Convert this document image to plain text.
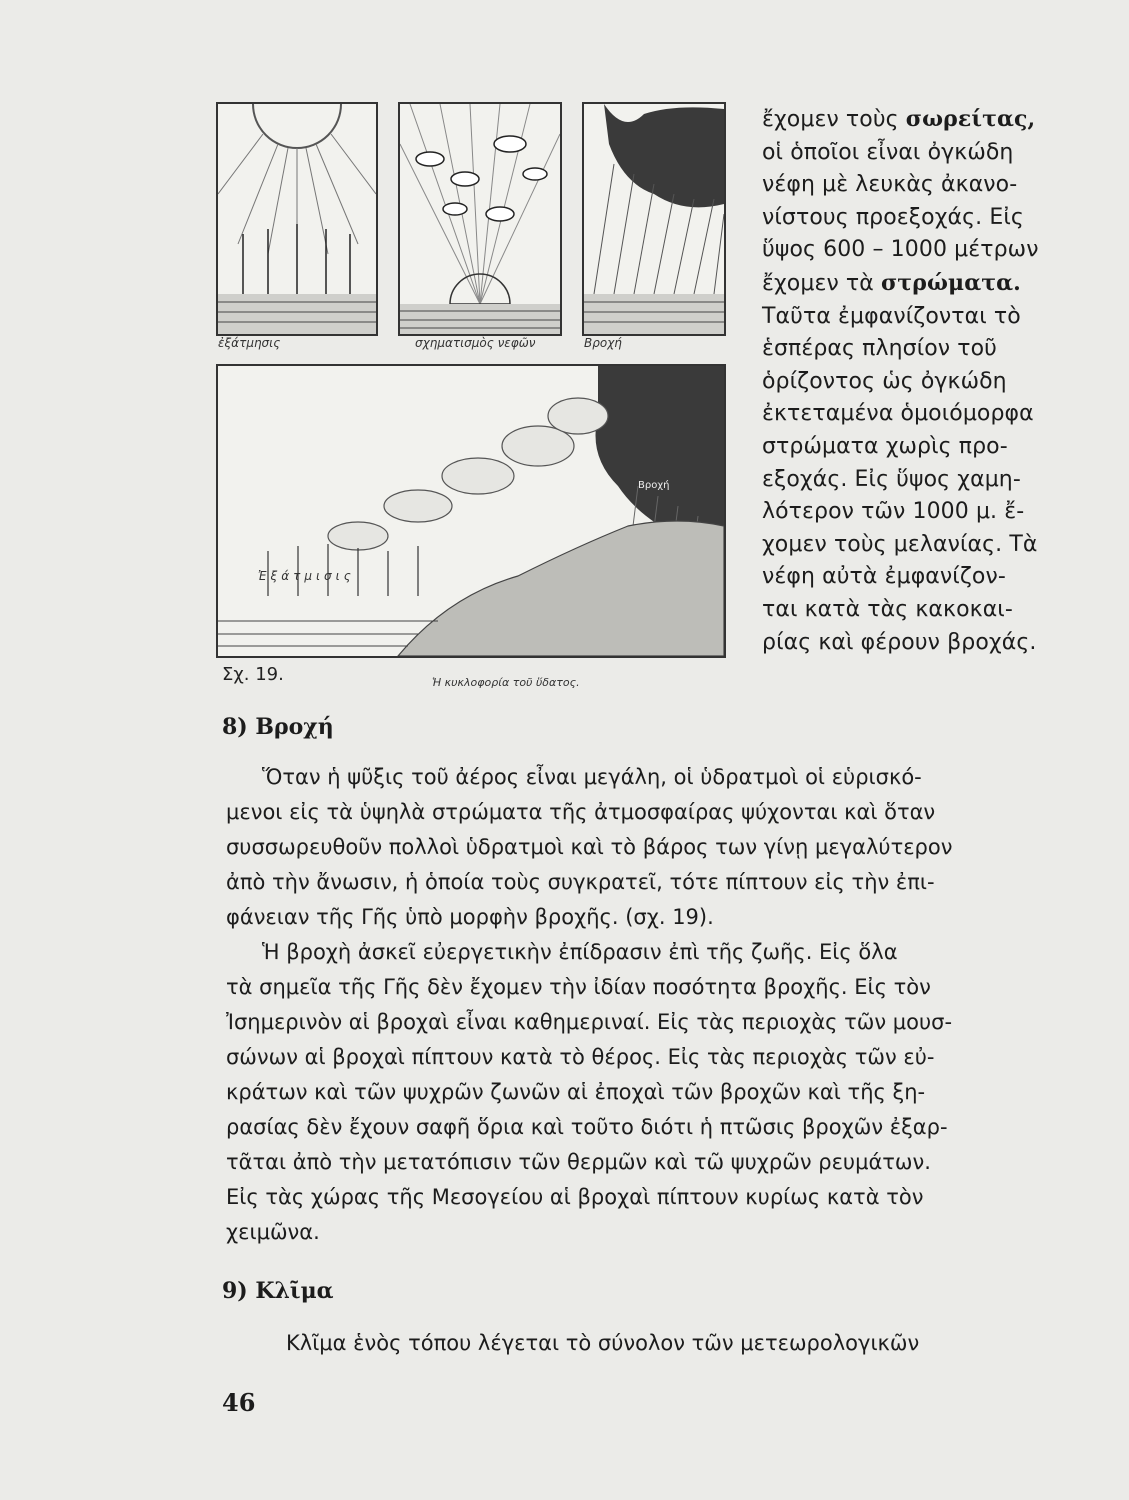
ἐξάτμησις	σχηματισμὸς νεφῶν	Βροχή
Βροχή
Ἐξάτμισις
Σχ. 19.	Ἡ κυκλοφορία τοῦ ὕδατος.
ἔχομεν τοὺς σωρείτας,
οἱ ὁποῖοι εἶναι ὀγκώδη
νέφη μὲ λευκὰς ἀκανο-
νίστους προεξοχάς. Εἰς
ὕψος 600 – 1000 μέτρων
ἔχομεν τὰ στρώματα.
Ταῦτα ἐμφανίζονται τὸ
ἑσπέρας πλησίον τοῦ
ὁρίζοντος ὡς ὀγκώδη
ἐκτεταμένα ὁμοιόμορφα
στρώματα χωρὶς προ-
εξοχάς. Εἰς ὕψος χαμη-
λότερον τῶν 1000 μ. ἔ-
χομεν τοὺς μελανίας. Τὰ
νέφη αὐτὰ ἐμφανίζον-
ται κατὰ τὰς κακοκαι-
ρίας καὶ φέρουν βροχάς.
8) Βροχή
Ὅταν ἡ ψῦξις τοῦ ἀέρος εἶναι μεγάλη, οἱ ὑδρατμοὶ οἱ εὑρισκό-
μενοι εἰς τὰ ὑψηλὰ στρώματα τῆς ἀτμοσφαίρας ψύχονται καὶ ὅταν
συσσωρευθοῦν πολλοὶ ὑδρατμοὶ καὶ τὸ βάρος των γίνῃ μεγαλύτερον
ἀπὸ τὴν ἄνωσιν, ἡ ὁποία τοὺς συγκρατεῖ, τότε πίπτουν εἰς τὴν ἐπι-
φάνειαν τῆς Γῆς ὑπὸ μορφὴν βροχῆς. (σχ. 19).
Ἡ βροχὴ ἀσκεῖ εὐεργετικὴν ἐπίδρασιν ἐπὶ τῆς ζωῆς. Εἰς ὅλα
τὰ σημεῖα τῆς Γῆς δὲν ἔχομεν τὴν ἰδίαν ποσότητα βροχῆς. Εἰς τὸν
Ἰσημερινὸν αἱ βροχαὶ εἶναι καθημεριναί. Εἰς τὰς περιοχὰς τῶν μουσ-
σώνων αἱ βροχαὶ πίπτουν κατὰ τὸ θέρος. Εἰς τὰς περιοχὰς τῶν εὐ-
κράτων καὶ τῶν ψυχρῶν ζωνῶν αἱ ἐποχαὶ τῶν βροχῶν καὶ τῆς ξη-
ρασίας δὲν ἔχουν σαφῆ ὅρια καὶ τοῦτο διότι ἡ πτῶσις βροχῶν ἐξαρ-
τᾶται ἀπὸ τὴν μετατόπισιν τῶν θερμῶν καὶ τῶ ψυχρῶν ρευμάτων.
Εἰς τὰς χώρας τῆς Μεσογείου αἱ βροχαὶ πίπτουν κυρίως κατὰ τὸν
χειμῶνα.
9) Κλῖμα
Κλῖμα ἑνὸς τόπου λέγεται τὸ σύνολον τῶν μετεωρολογικῶν
46
